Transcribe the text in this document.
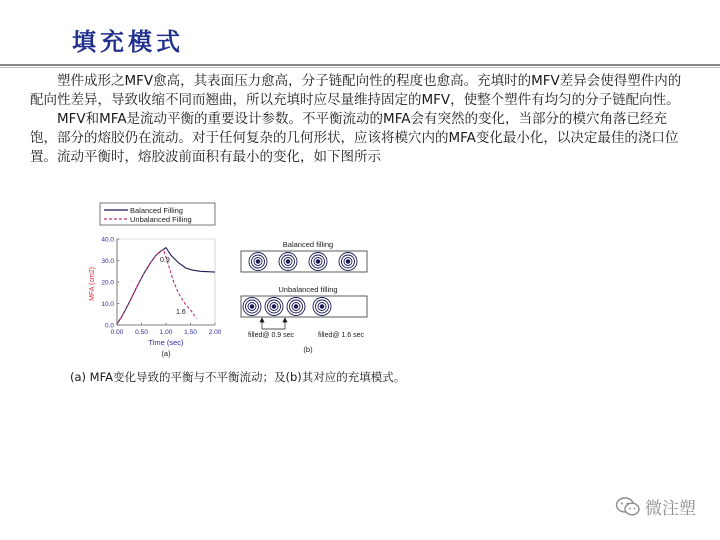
填充模式

塑件成形之MFV愈高，其表面压力愈高，分子链配向性的程度也愈高。充填时的MFV差异会使得塑件内的配向性差异，导致收缩不同而翘曲，所以充填时应尽量维持固定的MFV，使整个塑件有均匀的分子链配向性。

MFV和MFA是流动平衡的重要设计参数。不平衡流动的MFA会有突然的变化，当部分的模穴角落已经充饱，部分的熔胶仍在流动。对于任何复杂的几何形状，应该将模穴内的MFA变化最小化，以决定最佳的浇口位置。流动平衡时，熔胶波前面积有最小的变化，如下图所示

Balanced Filling
Unbalanced Filling
0.0
10.0
20.0
30.0
40.0
0.00 0.50 1.00 1.50 2.00
MFA (cm2)
Time (sec)
(a)
0.9
1.6
Balanced filling
Unbalanced filling
filled@ 0.9 sec	filled@ 1.6 sec
(b)
(a) MFA变化导致的平衡与不平衡流动；及(b)其对应的充填模式。
微注塑
